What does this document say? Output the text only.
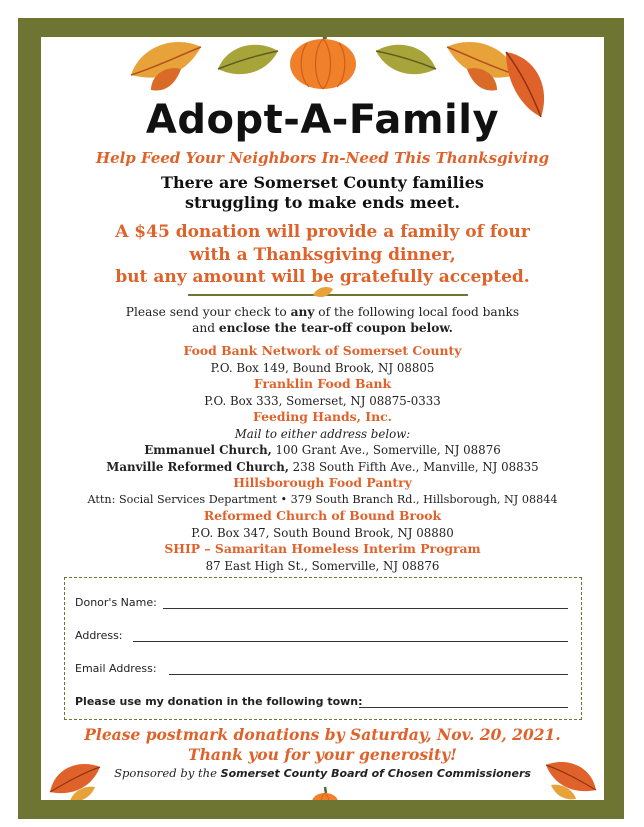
Adopt-A-Family
Help Feed Your Neighbors In-Need This Thanksgiving
There are Somerset County families
struggling to make ends meet.
A $45 donation will provide a family of four
with a Thanksgiving dinner,
but any amount will be gratefully accepted.
Please send your check to any of the following local food banks
and enclose the tear-off coupon below.
Food Bank Network of Somerset County
P.O. Box 149, Bound Brook, NJ 08805
Franklin Food Bank
P.O. Box 333, Somerset, NJ 08875-0333
Feeding Hands, Inc.
Mail to either address below:
Emmanuel Church, 100 Grant Ave., Somerville, NJ 08876
Manville Reformed Church, 238 South Fifth Ave., Manville, NJ 08835
Hillsborough Food Pantry
Attn: Social Services Department • 379 South Branch Rd., Hillsborough, NJ 08844
Reformed Church of Bound Brook
P.O. Box 347, South Bound Brook, NJ 08880
SHIP – Samaritan Homeless Interim Program
87 East High St., Somerville, NJ 08876
Donor's Name:
Address:
Email Address:
Please use my donation in the following town:
Please postmark donations by Saturday, Nov. 20, 2021.
Thank you for your generosity!
Sponsored by the Somerset County Board of Chosen Commissioners
